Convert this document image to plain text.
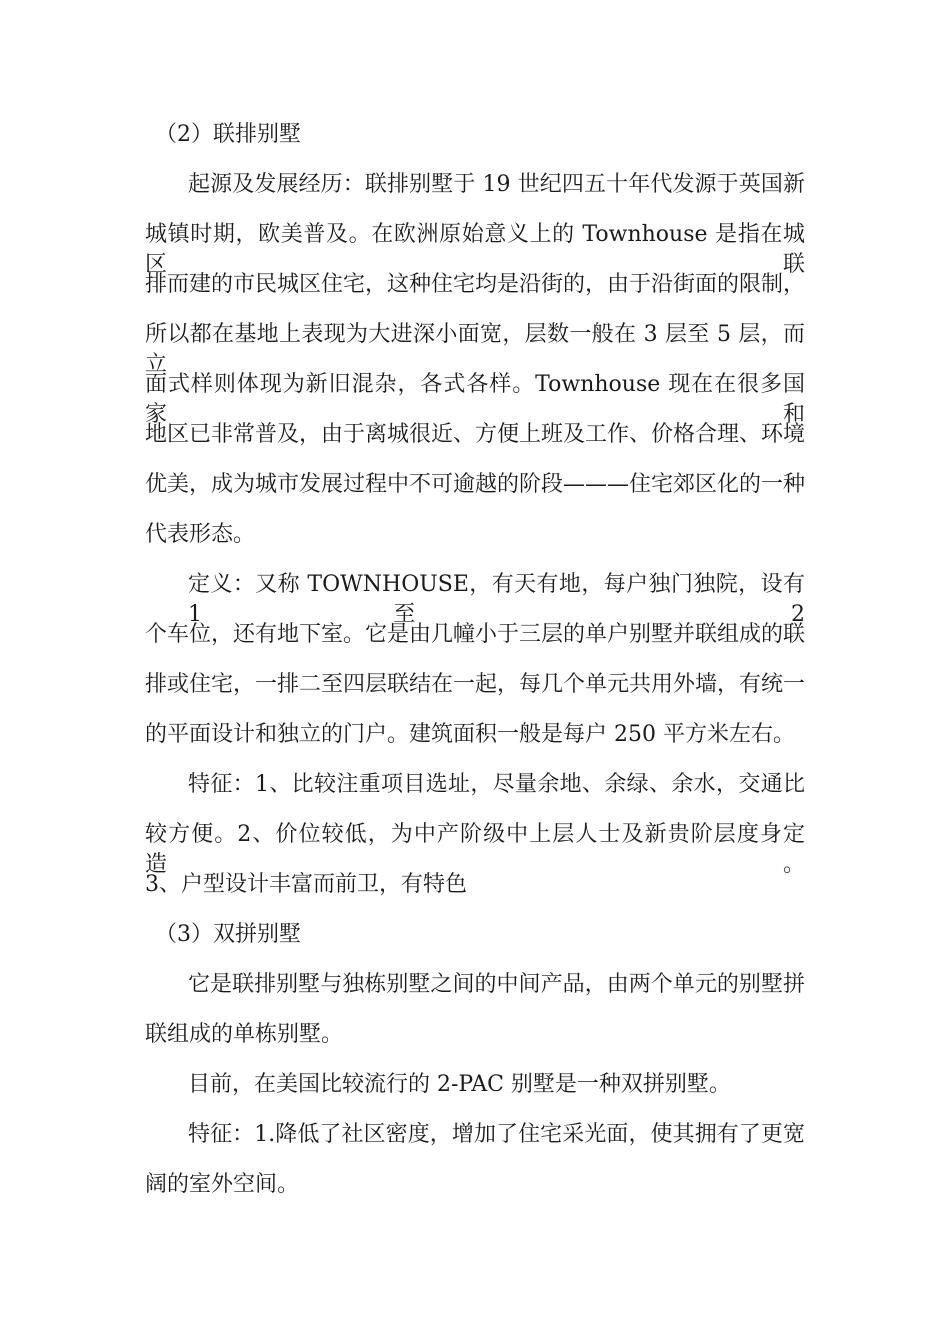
（2）联排别墅
起源及发展经历：联排别墅于 19 世纪四五十年代发源于英国新
城镇时期，欧美普及。在欧洲原始意义上的 Townhouse 是指在城区联
排而建的市民城区住宅，这种住宅均是沿街的，由于沿街面的限制，
所以都在基地上表现为大进深小面宽，层数一般在 3 层至 5 层，而立
面式样则体现为新旧混杂，各式各样。Townhouse 现在在很多国家和
地区已非常普及，由于离城很近、方便上班及工作、价格合理、环境
优美，成为城市发展过程中不可逾越的阶段———住宅郊区化的一种
代表形态。
定义：又称 TOWNHOUSE，有天有地，每户独门独院，设有 1 至 2
个车位，还有地下室。它是由几幢小于三层的单户别墅并联组成的联
排或住宅，一排二至四层联结在一起，每几个单元共用外墙，有统一
的平面设计和独立的门户。建筑面积一般是每户 250 平方米左右。
特征：1、比较注重项目选址，尽量余地、余绿、余水，交通比
较方便。2、价位较低，为中产阶级中上层人士及新贵阶层度身定造。
3、户型设计丰富而前卫，有特色
（3）双拼别墅
它是联排别墅与独栋别墅之间的中间产品，由两个单元的别墅拼
联组成的单栋别墅。
目前，在美国比较流行的 2-PAC 别墅是一种双拼别墅。
特征：1.降低了社区密度，增加了住宅采光面，使其拥有了更宽
阔的室外空间。
